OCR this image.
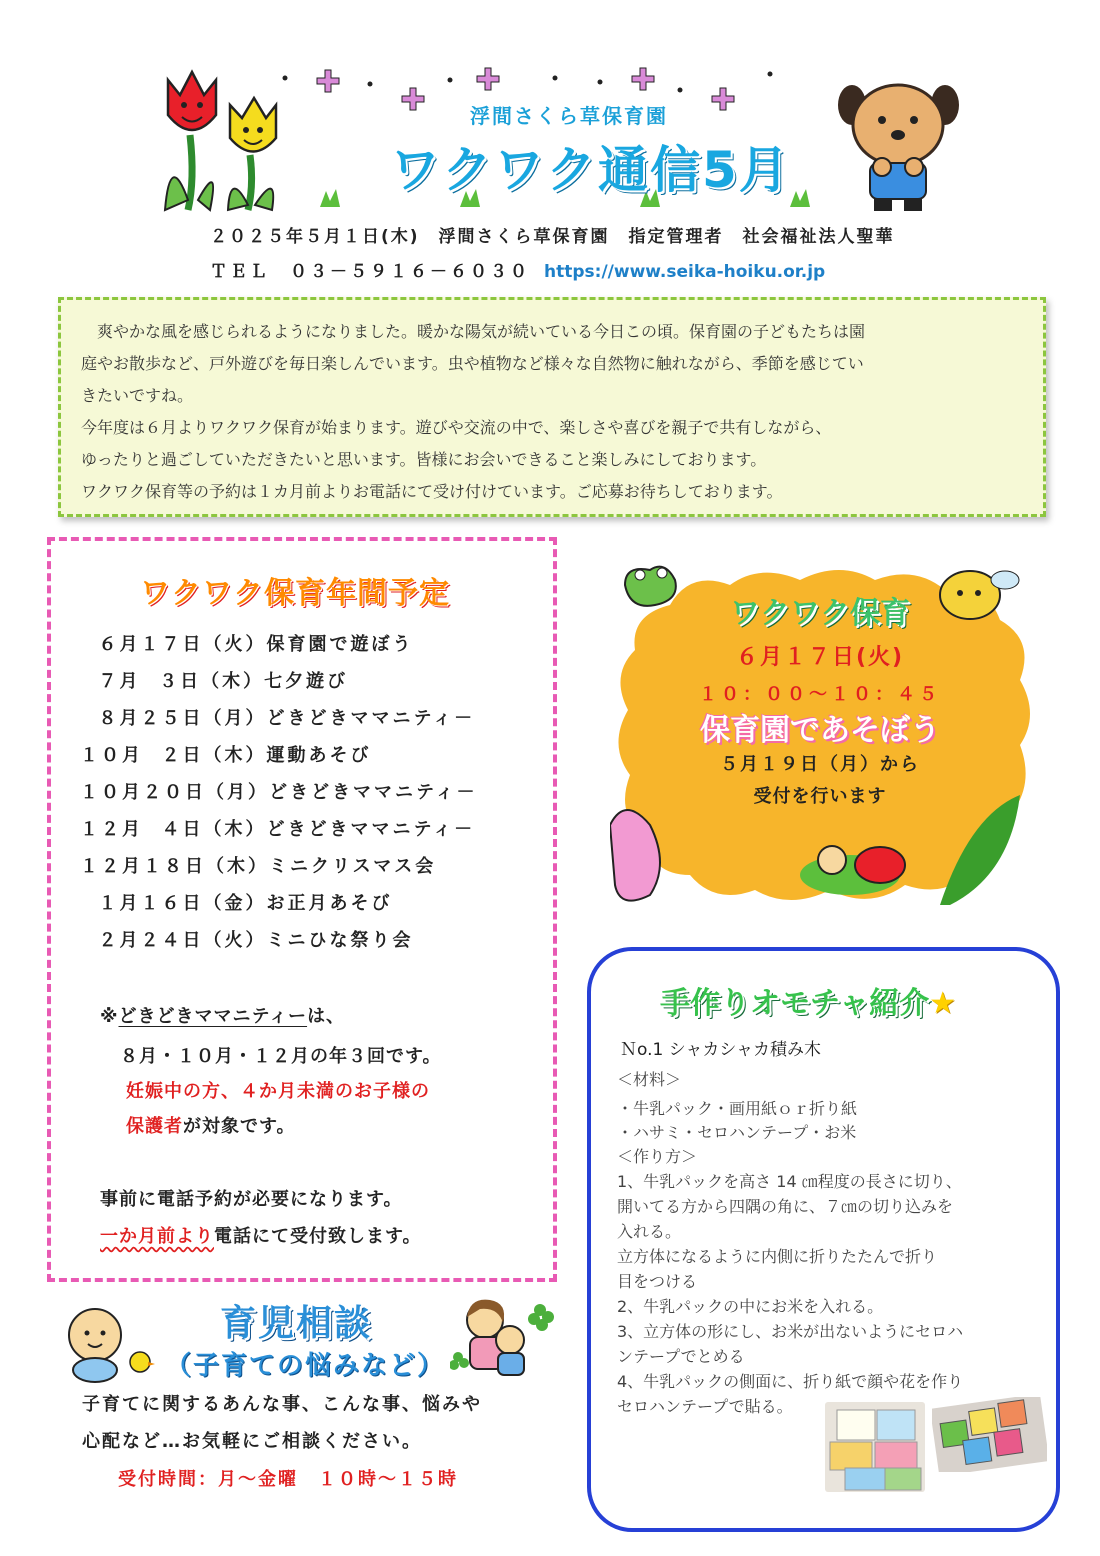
浮間さくら草保育園
ワクワク通信5月
２０２５年５月１日(木)　浮間さくら草保育園　指定管理者　社会福祉法人聖華
ＴＥＬ　０３－５９１６－６０３０ https://www.seika-hoiku.or.jp

　爽やかな風を感じられるようになりました。暖かな陽気が続いている今日この頃。保育園の子どもたちは園

庭やお散歩など、戸外遊びを毎日楽しんでいます。虫や植物など様々な自然物に触れながら、季節を感じてい

きたいですね。

今年度は６月よりワクワク保育が始まります。遊びや交流の中で、楽しさや喜びを親子で共有しながら、

ゆったりと過ごしていただきたいと思います。皆様にお会いできること楽しみにしております。

ワクワク保育等の予約は１カ月前よりお電話にて受け付けています。ご応募お待ちしております。

ワクワク保育年間予定
６月１７日（火）保育園で遊ぼう
７月  ３日（木）七夕遊び
８月２５日（月）どきどきママニティ－
１０月  ２日（木）運動あそび
１０月２０日（月）どきどきママニティ－
１２月  ４日（木）どきどきママニティ－
１２月１８日（木）ミニクリスマス会
１月１６日（金）お正月あそび
２月２４日（火）ミニひな祭り会
※どきどきママニティーは、
８月・１０月・１２月の年３回です。
妊娠中の方、４か月未満のお子様の
保護者が対象です。
事前に電話予約が必要になります。
一か月前より電話にて受付致します。
ワクワク保育
６月１７日(火)
１０：００～１０：４５
保育園であそぼう
５月１９日（月）から
受付を行います
手作りオモチャ紹介★
Ｎo.1 シャカシャカ積み木
＜材料＞
・牛乳パック・画用紙ｏｒ折り紙
・ハサミ・セロハンテープ・お米
＜作り方＞
1、牛乳パックを高さ 14 ㎝程度の長さに切り、
開いてる方から四隅の角に、７㎝の切り込みを
入れる。
立方体になるように内側に折りたたんで折り
目をつける
2、牛乳パックの中にお米を入れる。
3、立方体の形にし、お米が出ないようにセロハ
ンテープでとめる
4、牛乳パックの側面に、折り紙で顔や花を作り
セロハンテープで貼る。
育児相談
（子育ての悩みなど）
子育てに関するあんな事、こんな事、悩みや
心配など…お気軽にご相談ください。
受付時間：月～金曜　１０時～１５時
